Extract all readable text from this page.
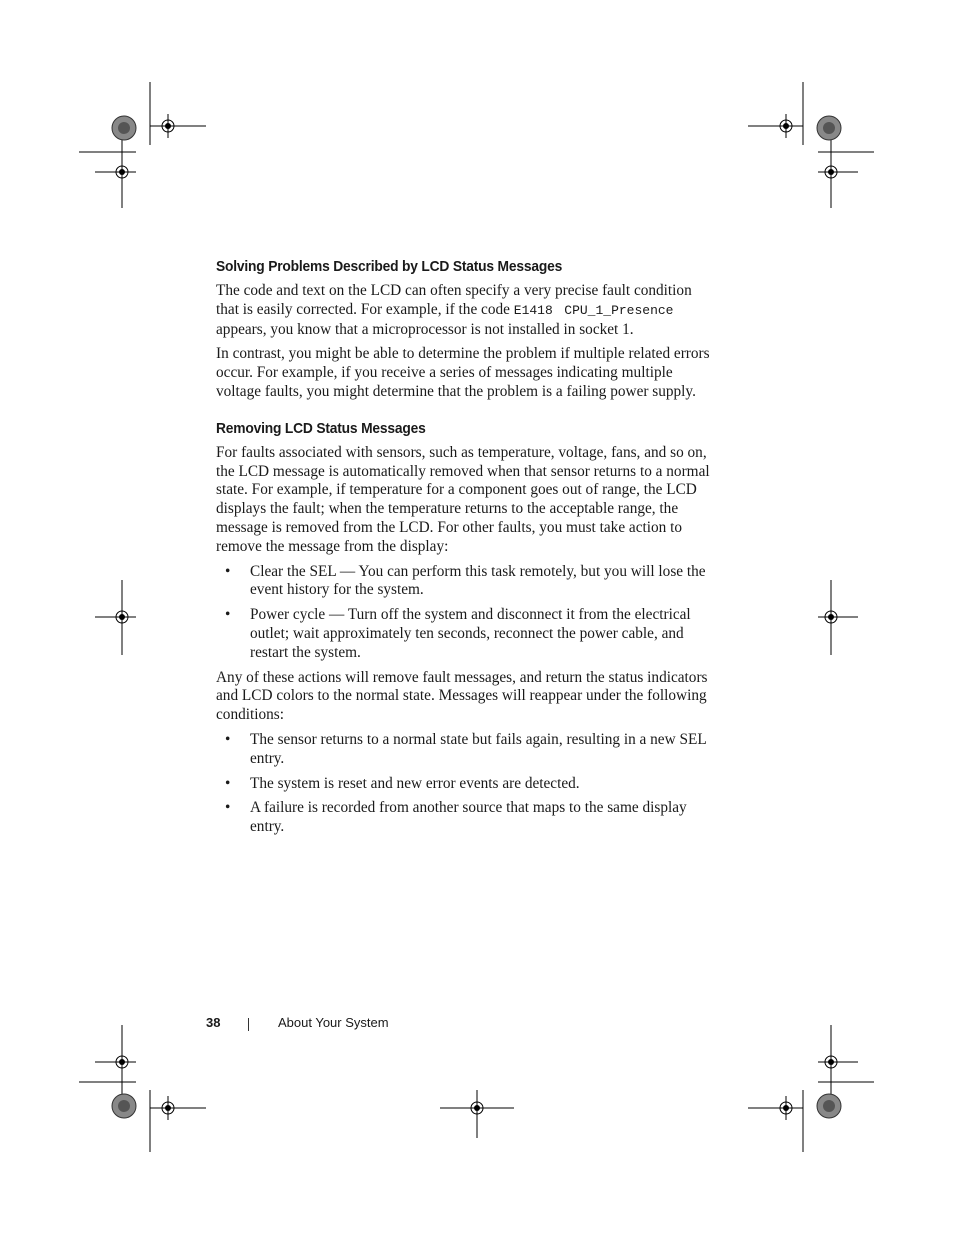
Solving Problems Described by LCD Status Messages

The code and text on the LCD can often specify a very precise fault condition that is easily corrected. For example, if the code E1418 CPU_1_Presence appears, you know that a microprocessor is not installed in socket 1.

In contrast, you might be able to determine the problem if multiple related errors occur. For example, if you receive a series of messages indicating multiple voltage faults, you might determine that the problem is a failing power supply.

Removing LCD Status Messages

For faults associated with sensors, such as temperature, voltage, fans, and so on, the LCD message is automatically removed when that sensor returns to a normal state. For example, if temperature for a component goes out of range, the LCD displays the fault; when the temperature returns to the acceptable range, the message is removed from the LCD. For other faults, you must take action to remove the message from the display:

• Clear the SEL — You can perform this task remotely, but you will lose the event history for the system.
• Power cycle — Turn off the system and disconnect it from the electrical outlet; wait approximately ten seconds, reconnect the power cable, and restart the system.

Any of these actions will remove fault messages, and return the status indicators and LCD colors to the normal state. Messages will reappear under the following conditions:

• The sensor returns to a normal state but fails again, resulting in a new SEL entry.
• The system is reset and new error events are detected.
• A failure is recorded from another source that maps to the same display entry.
38	About Your System
